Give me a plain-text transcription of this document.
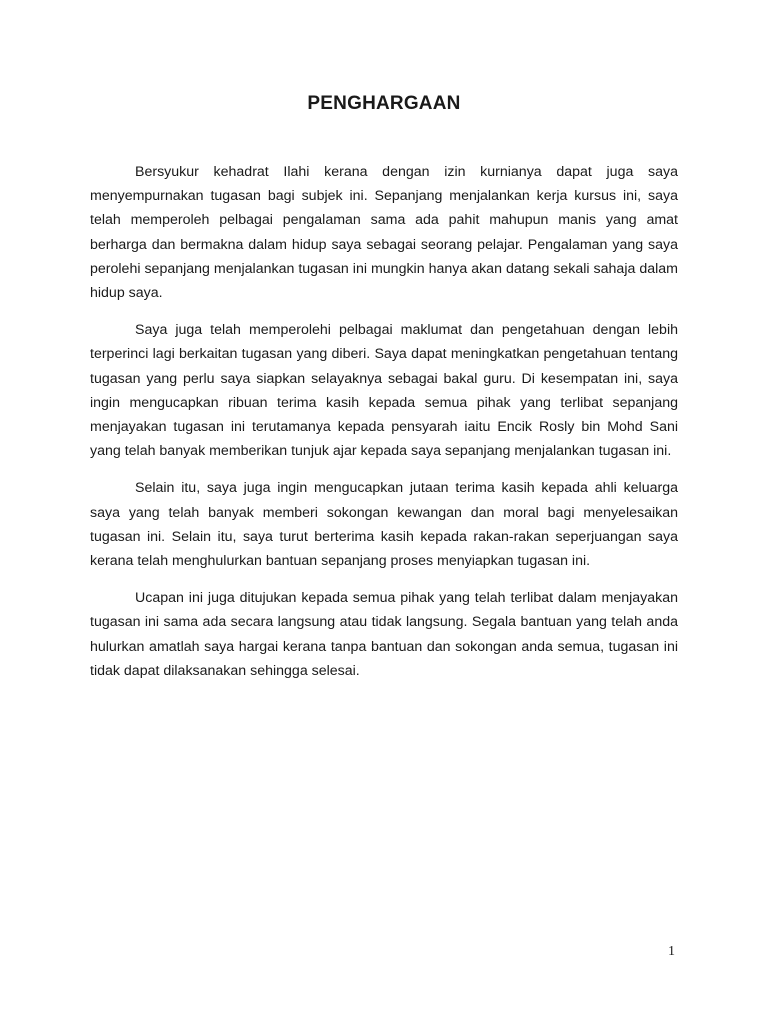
PENGHARGAAN

Bersyukur kehadrat Ilahi kerana dengan izin kurnianya dapat juga saya menyempurnakan tugasan bagi subjek ini. Sepanjang menjalankan kerja kursus ini, saya telah memperoleh pelbagai pengalaman sama ada pahit mahupun manis yang amat berharga dan bermakna dalam hidup saya sebagai seorang pelajar. Pengalaman yang saya perolehi sepanjang menjalankan tugasan ini mungkin hanya akan datang sekali sahaja dalam hidup saya.

Saya juga telah memperolehi pelbagai maklumat dan pengetahuan dengan lebih terperinci lagi berkaitan tugasan yang diberi. Saya dapat meningkatkan pengetahuan tentang tugasan yang perlu saya siapkan selayaknya sebagai bakal guru. Di kesempatan ini, saya ingin mengucapkan ribuan terima kasih kepada semua pihak yang terlibat sepanjang menjayakan tugasan ini terutamanya kepada pensyarah iaitu Encik Rosly bin Mohd Sani yang telah banyak memberikan tunjuk ajar kepada saya sepanjang menjalankan tugasan ini.

Selain itu, saya juga ingin mengucapkan jutaan terima kasih kepada ahli keluarga saya yang telah banyak memberi sokongan kewangan dan moral bagi menyelesaikan tugasan ini. Selain itu, saya turut berterima kasih kepada rakan-rakan seperjuangan saya kerana telah menghulurkan bantuan sepanjang proses menyiapkan tugasan ini.

Ucapan ini juga ditujukan kepada semua pihak yang telah terlibat dalam menjayakan tugasan ini sama ada secara langsung atau tidak langsung. Segala bantuan yang telah anda hulurkan amatlah saya hargai kerana tanpa bantuan dan sokongan anda semua, tugasan ini tidak dapat dilaksanakan sehingga selesai.

1
